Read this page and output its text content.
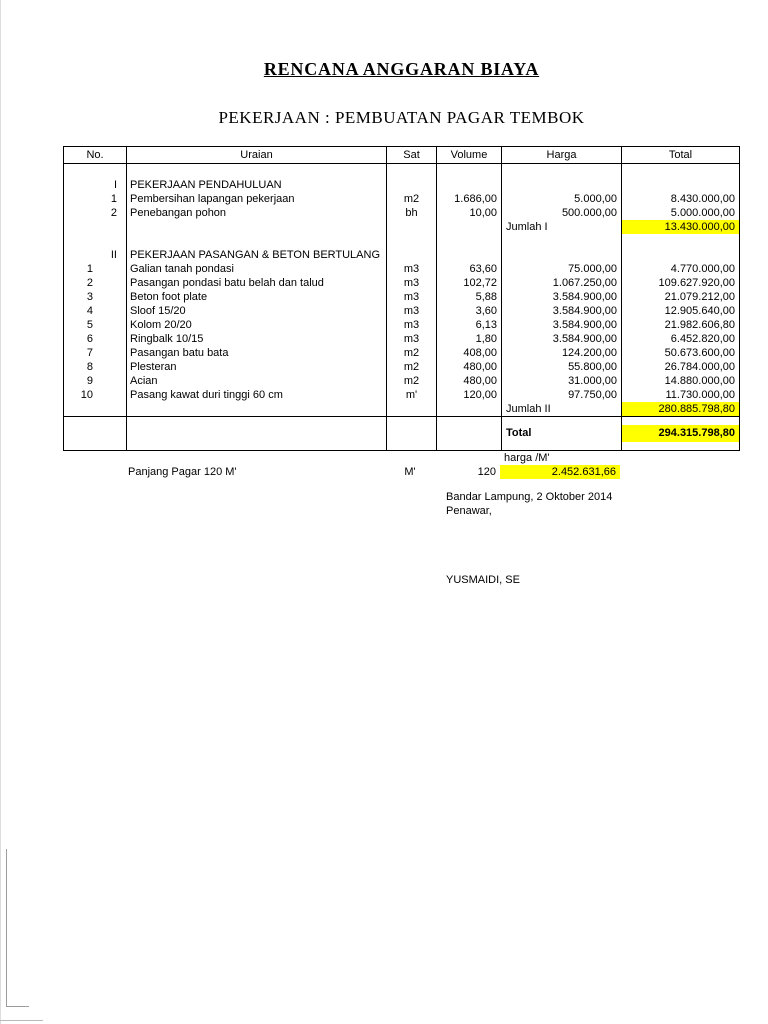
RENCANA ANGGARAN BIAYA
PEKERJAAN : PEMBUATAN PAGAR TEMBOK
No.	Uraian	Sat	Volume	Harga	Total
I	PEKERJAAN PENDAHULUAN
1	Pembersihan lapangan pekerjaan	m2	1.686,00	5.000,00	8.430.000,00
2	Penebangan pohon	bh	10,00	500.000,00	5.000.000,00
Jumlah I	13.430.000,00
II	PEKERJAAN PASANGAN & BETON BERTULANG
1	Galian tanah pondasi	m3	63,60	75.000,00	4.770.000,00
2	Pasangan pondasi batu belah dan talud	m3	102,72	1.067.250,00	109.627.920,00
3	Beton foot plate	m3	5,88	3.584.900,00	21.079.212,00
4	Sloof 15/20	m3	3,60	3.584.900,00	12.905.640,00
5	Kolom 20/20	m3	6,13	3.584.900,00	21.982.606,80
6	Ringbalk 10/15	m3	1,80	3.584.900,00	6.452.820,00
7	Pasangan batu bata	m2	408,00	124.200,00	50.673.600,00
8	Plesteran	m2	480,00	55.800,00	26.784.000,00
9	Acian	m2	480,00	31.000,00	14.880.000,00
10	Pasang kawat duri tinggi 60 cm	m'	120,00	97.750,00	11.730.000,00
Jumlah II	280.885.798,80
Total	294.315.798,80
harga /M'
Panjang Pagar 120 M'	M'	120	2.452.631,66
Bandar Lampung, 2 Oktober 2014
Penawar,
YUSMAIDI, SE
